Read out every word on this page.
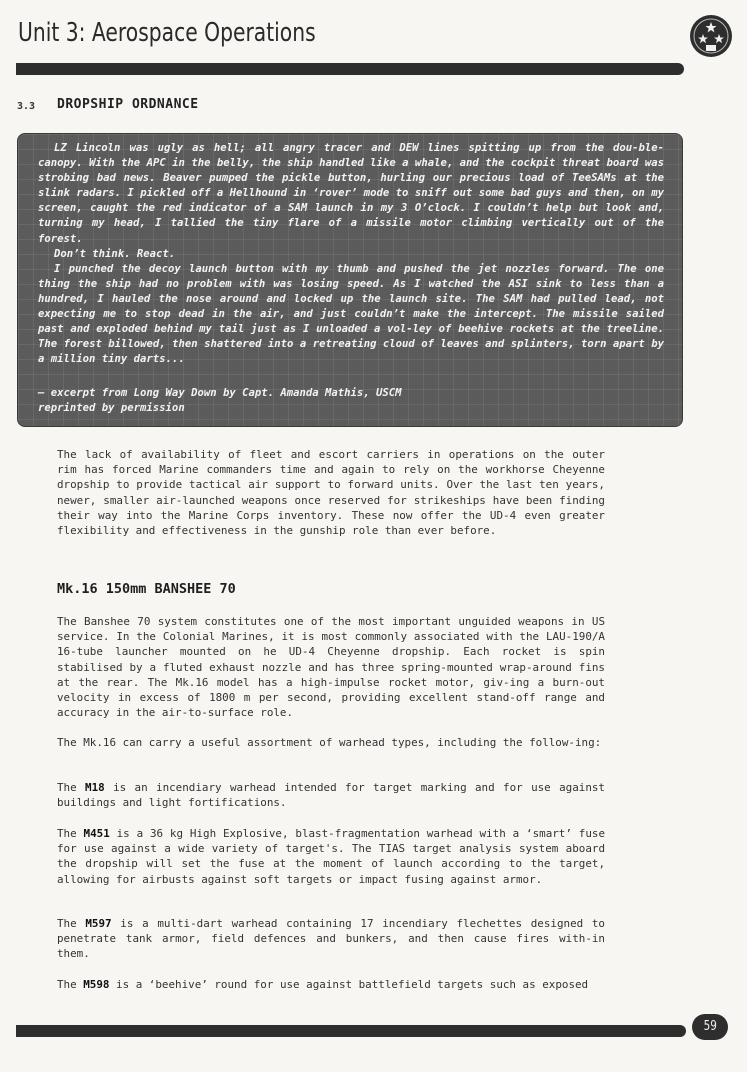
Unit 3: Aerospace Operations
3.3 DROPSHIP ORDNANCE

LZ Lincoln was ugly as hell; all angry tracer and DEW lines spitting up from the dou-ble-canopy. With the APC in the belly, the ship handled like a whale, and the cockpit threat board was strobing bad news. Beaver pumped the pickle button, hurling our precious load of TeeSAMs at the slink radars. I pickled off a Hellhound in ‘rover’ mode to sniff out some bad guys and then, on my screen, caught the red indicator of a SAM launch in my 3 O’clock. I couldn’t help but look and, turning my head, I tallied the tiny flare of a missile motor climbing vertically out of the forest.

Don’t think. React.

I punched the decoy launch button with my thumb and pushed the jet nozzles forward. The one thing the ship had no problem with was losing speed. As I watched the ASI sink to less than a hundred, I hauled the nose around and locked up the launch site. The SAM had pulled lead, not expecting me to stop dead in the air, and just couldn’t make the intercept. The missile sailed past and exploded behind my tail just as I unloaded a vol-ley of beehive rockets at the treeline. The forest billowed, then shattered into a retreating cloud of leaves and splinters, torn apart by a million tiny darts...

– excerpt from Long Way Down by Capt. Amanda Mathis, USCM
reprinted by permission
The lack of availability of fleet and escort carriers in operations on the outer rim has forced Marine commanders time and again to rely on the workhorse Cheyenne dropship to provide tactical air support to forward units. Over the last ten years, newer, smaller air-launched weapons once reserved for strikeships have been finding their way into the Marine Corps inventory. These now offer the UD-4 even greater flexibility and effectiveness in the gunship role than ever before.
Mk.16 150mm BANSHEE 70
The Banshee 70 system constitutes one of the most important unguided weapons in US service. In the Colonial Marines, it is most commonly associated with the LAU-190/A 16-tube launcher mounted on he UD-4 Cheyenne dropship. Each rocket is spin stabilised by a fluted exhaust nozzle and has three spring-mounted wrap-around fins at the rear. The Mk.16 model has a high-impulse rocket motor, giv-ing a burn-out velocity in excess of 1800 m per second, providing excellent stand-off range and accuracy in the air-to-surface role.
The Mk.16 can carry a useful assortment of warhead types, including the follow-ing:
The M18 is an incendiary warhead intended for target marking and for use against buildings and light fortifications.
The M451 is a 36 kg High Explosive, blast-fragmentation warhead with a ‘smart’ fuse for use against a wide variety of target's. The TIAS target analysis system aboard the dropship will set the fuse at the moment of launch according to the target, allowing for airbusts against soft targets or impact fusing against armor.
The M597 is a multi-dart warhead containing 17 incendiary flechettes designed to penetrate tank armor, field defences and bunkers, and then cause fires with-in them.
The M598 is a ‘beehive’ round for use against battlefield targets such as exposed
59
